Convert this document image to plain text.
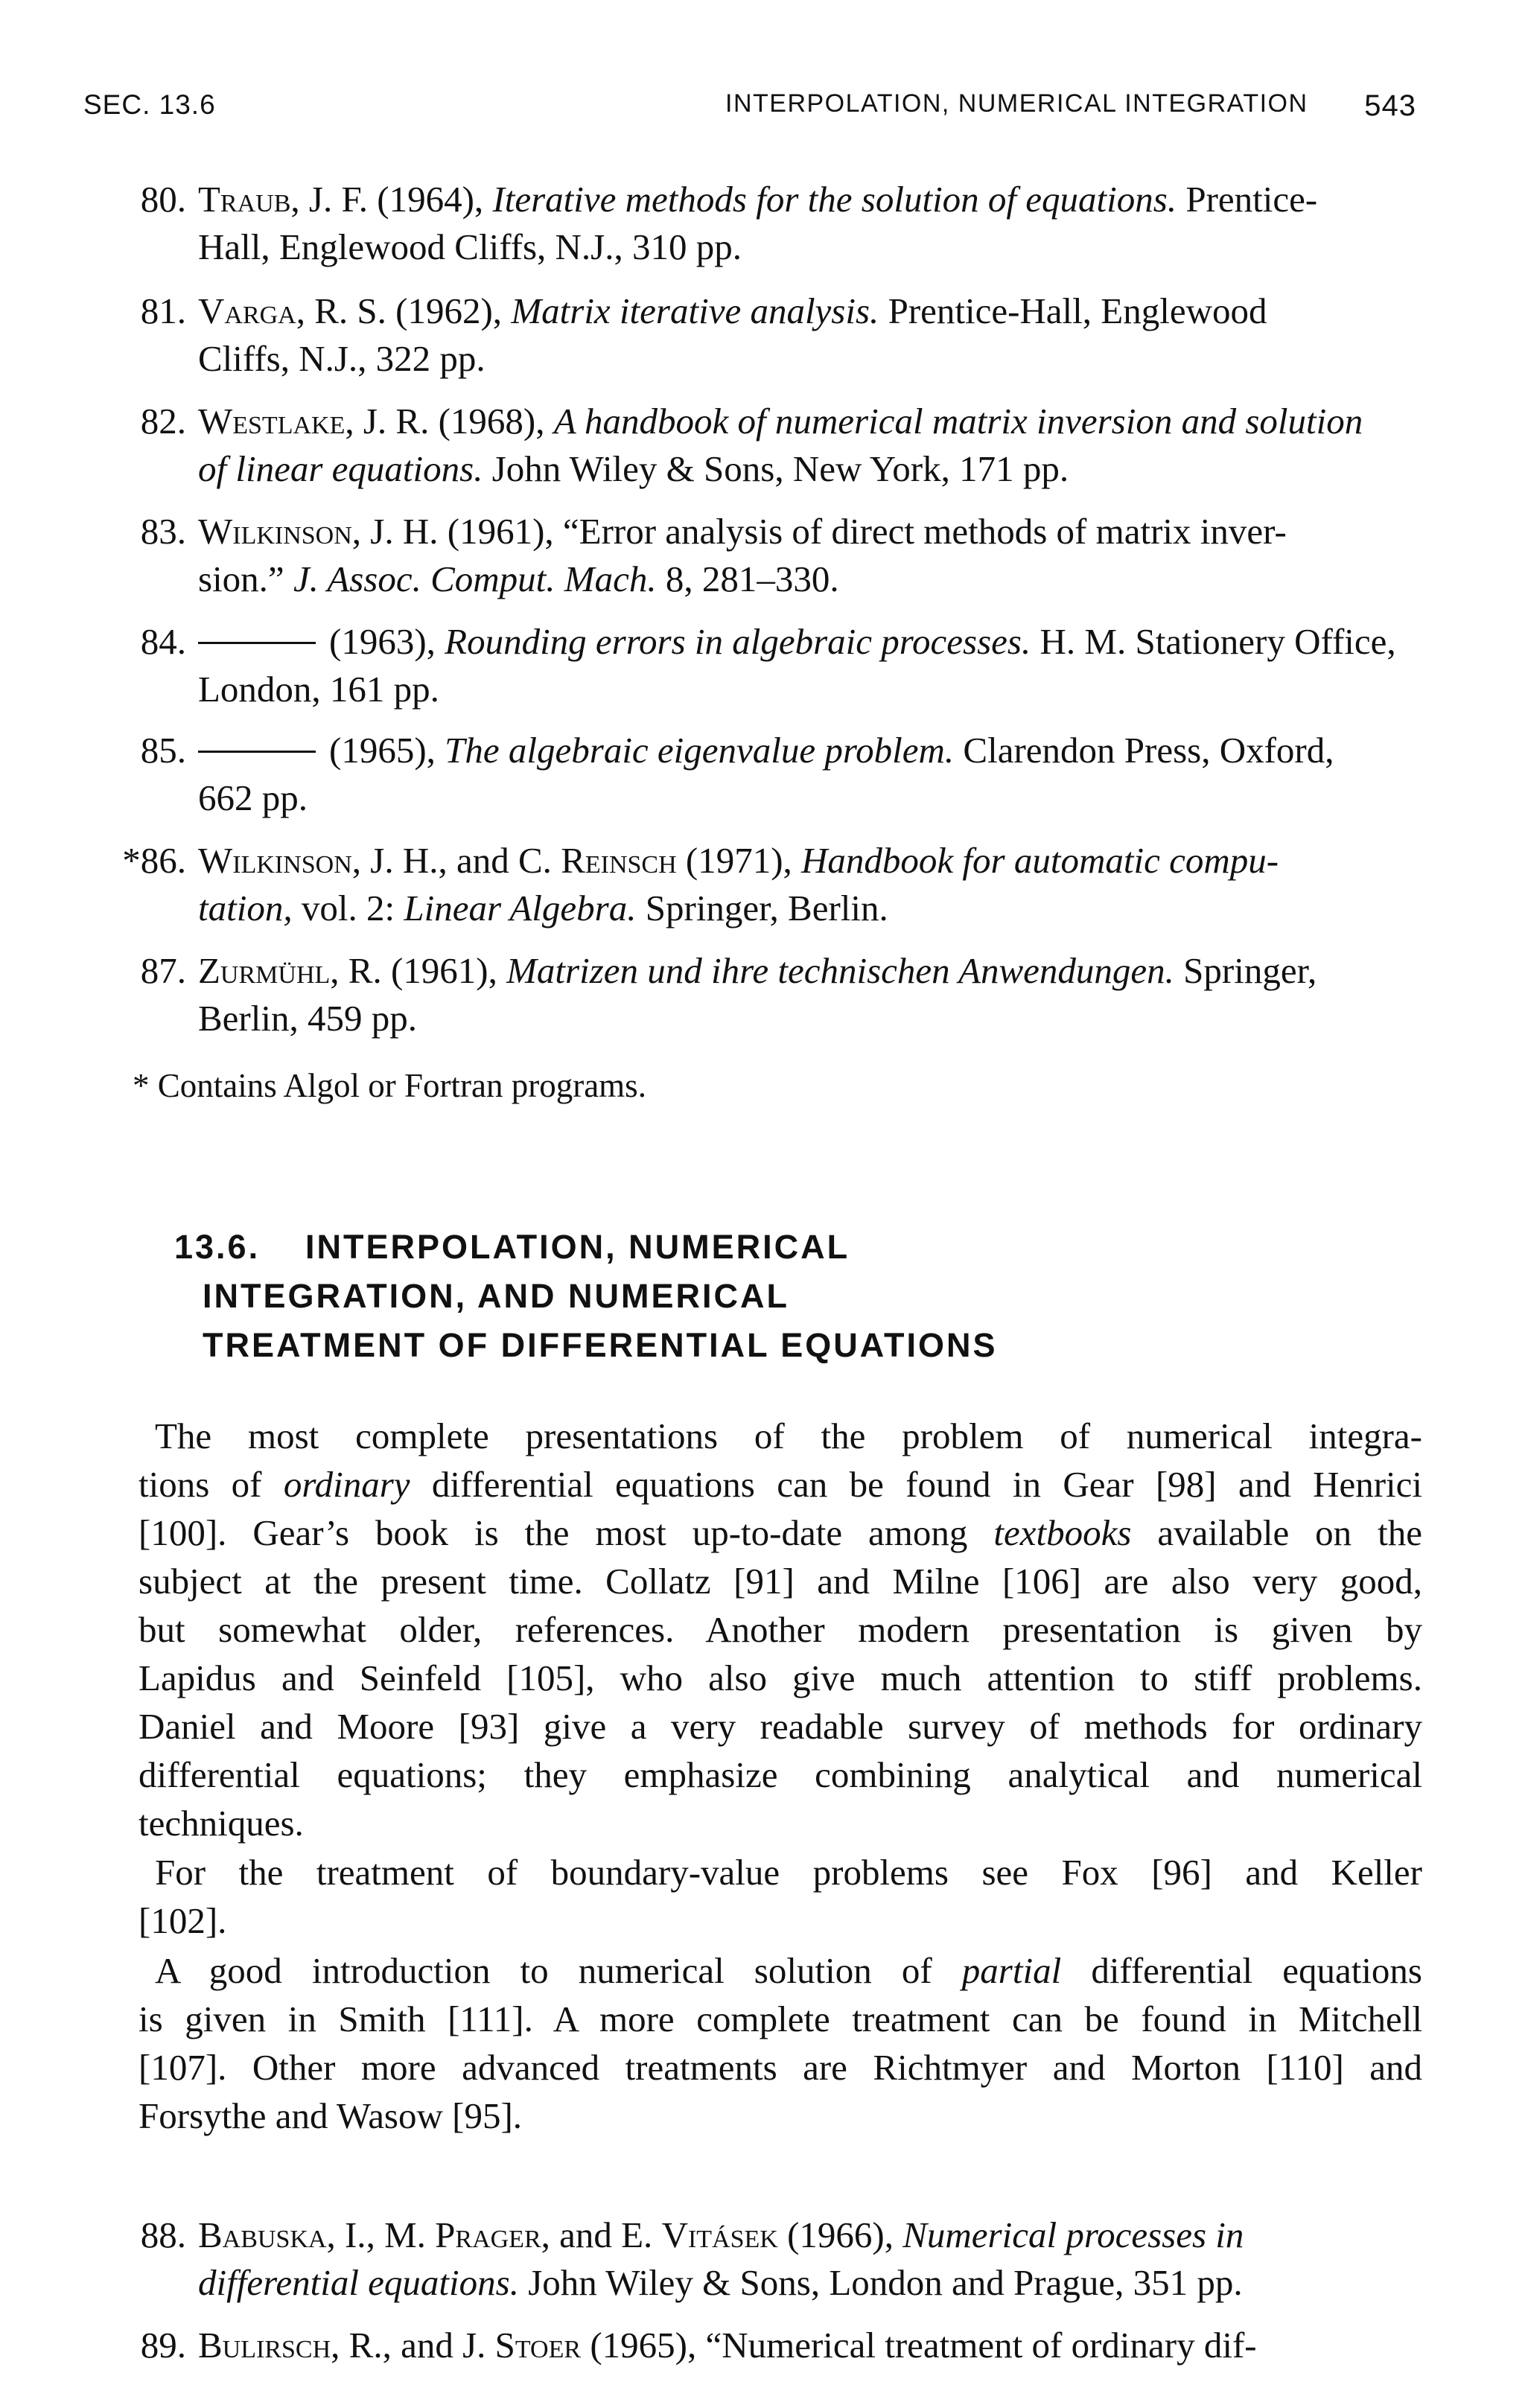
SEC. 13.6	INTERPOLATION, NUMERICAL INTEGRATION 543
80. Traub, J. F. (1964), Iterative methods for the solution of equations. Prentice-
Hall, Englewood Cliffs, N.J., 310 pp.
81. Varga, R. S. (1962), Matrix iterative analysis. Prentice-Hall, Englewood
Cliffs, N.J., 322 pp.
82. Westlake, J. R. (1968), A handbook of numerical matrix inversion and solution
of linear equations. John Wiley & Sons, New York, 171 pp.
83. Wilkinson, J. H. (1961), “Error analysis of direct methods of matrix inver-
sion.” J. Assoc. Comput. Mach. 8, 281–330.
84.	(1963), Rounding errors in algebraic processes. H. M. Stationery Office,
London, 161 pp.
85.	(1965), The algebraic eigenvalue problem. Clarendon Press, Oxford,
662 pp.
*86. Wilkinson, J. H., and C. Reinsch (1971), Handbook for automatic compu-
tation, vol. 2: Linear Algebra. Springer, Berlin.
87. Zurmühl, R. (1961), Matrizen und ihre technischen Anwendungen. Springer,
Berlin, 459 pp.
* Contains Algol or Fortran programs.
13.6.	INTERPOLATION, NUMERICAL
INTEGRATION, AND NUMERICAL
TREATMENT OF DIFFERENTIAL EQUATIONS
The most complete presentations of the problem of numerical integra-
tions of ordinary differential equations can be found in Gear [98] and Henrici
[100]. Gear’s book is the most up-to-date among textbooks available on the
subject at the present time. Collatz [91] and Milne [106] are also very good,
but somewhat older, references. Another modern presentation is given by
Lapidus and Seinfeld [105], who also give much attention to stiff problems.
Daniel and Moore [93] give a very readable survey of methods for ordinary
differential equations; they emphasize combining analytical and numerical
techniques.
For the treatment of boundary-value problems see Fox [96] and Keller
[102].
A good introduction to numerical solution of partial differential equations
is given in Smith [111]. A more complete treatment can be found in Mitchell
[107]. Other more advanced treatments are Richtmyer and Morton [110] and
Forsythe and Wasow [95].
88. Babuska, I., M. Prager, and E. Vitásek (1966), Numerical processes in
differential equations. John Wiley & Sons, London and Prague, 351 pp.
89. Bulirsch, R., and J. Stoer (1965), “Numerical treatment of ordinary dif-
